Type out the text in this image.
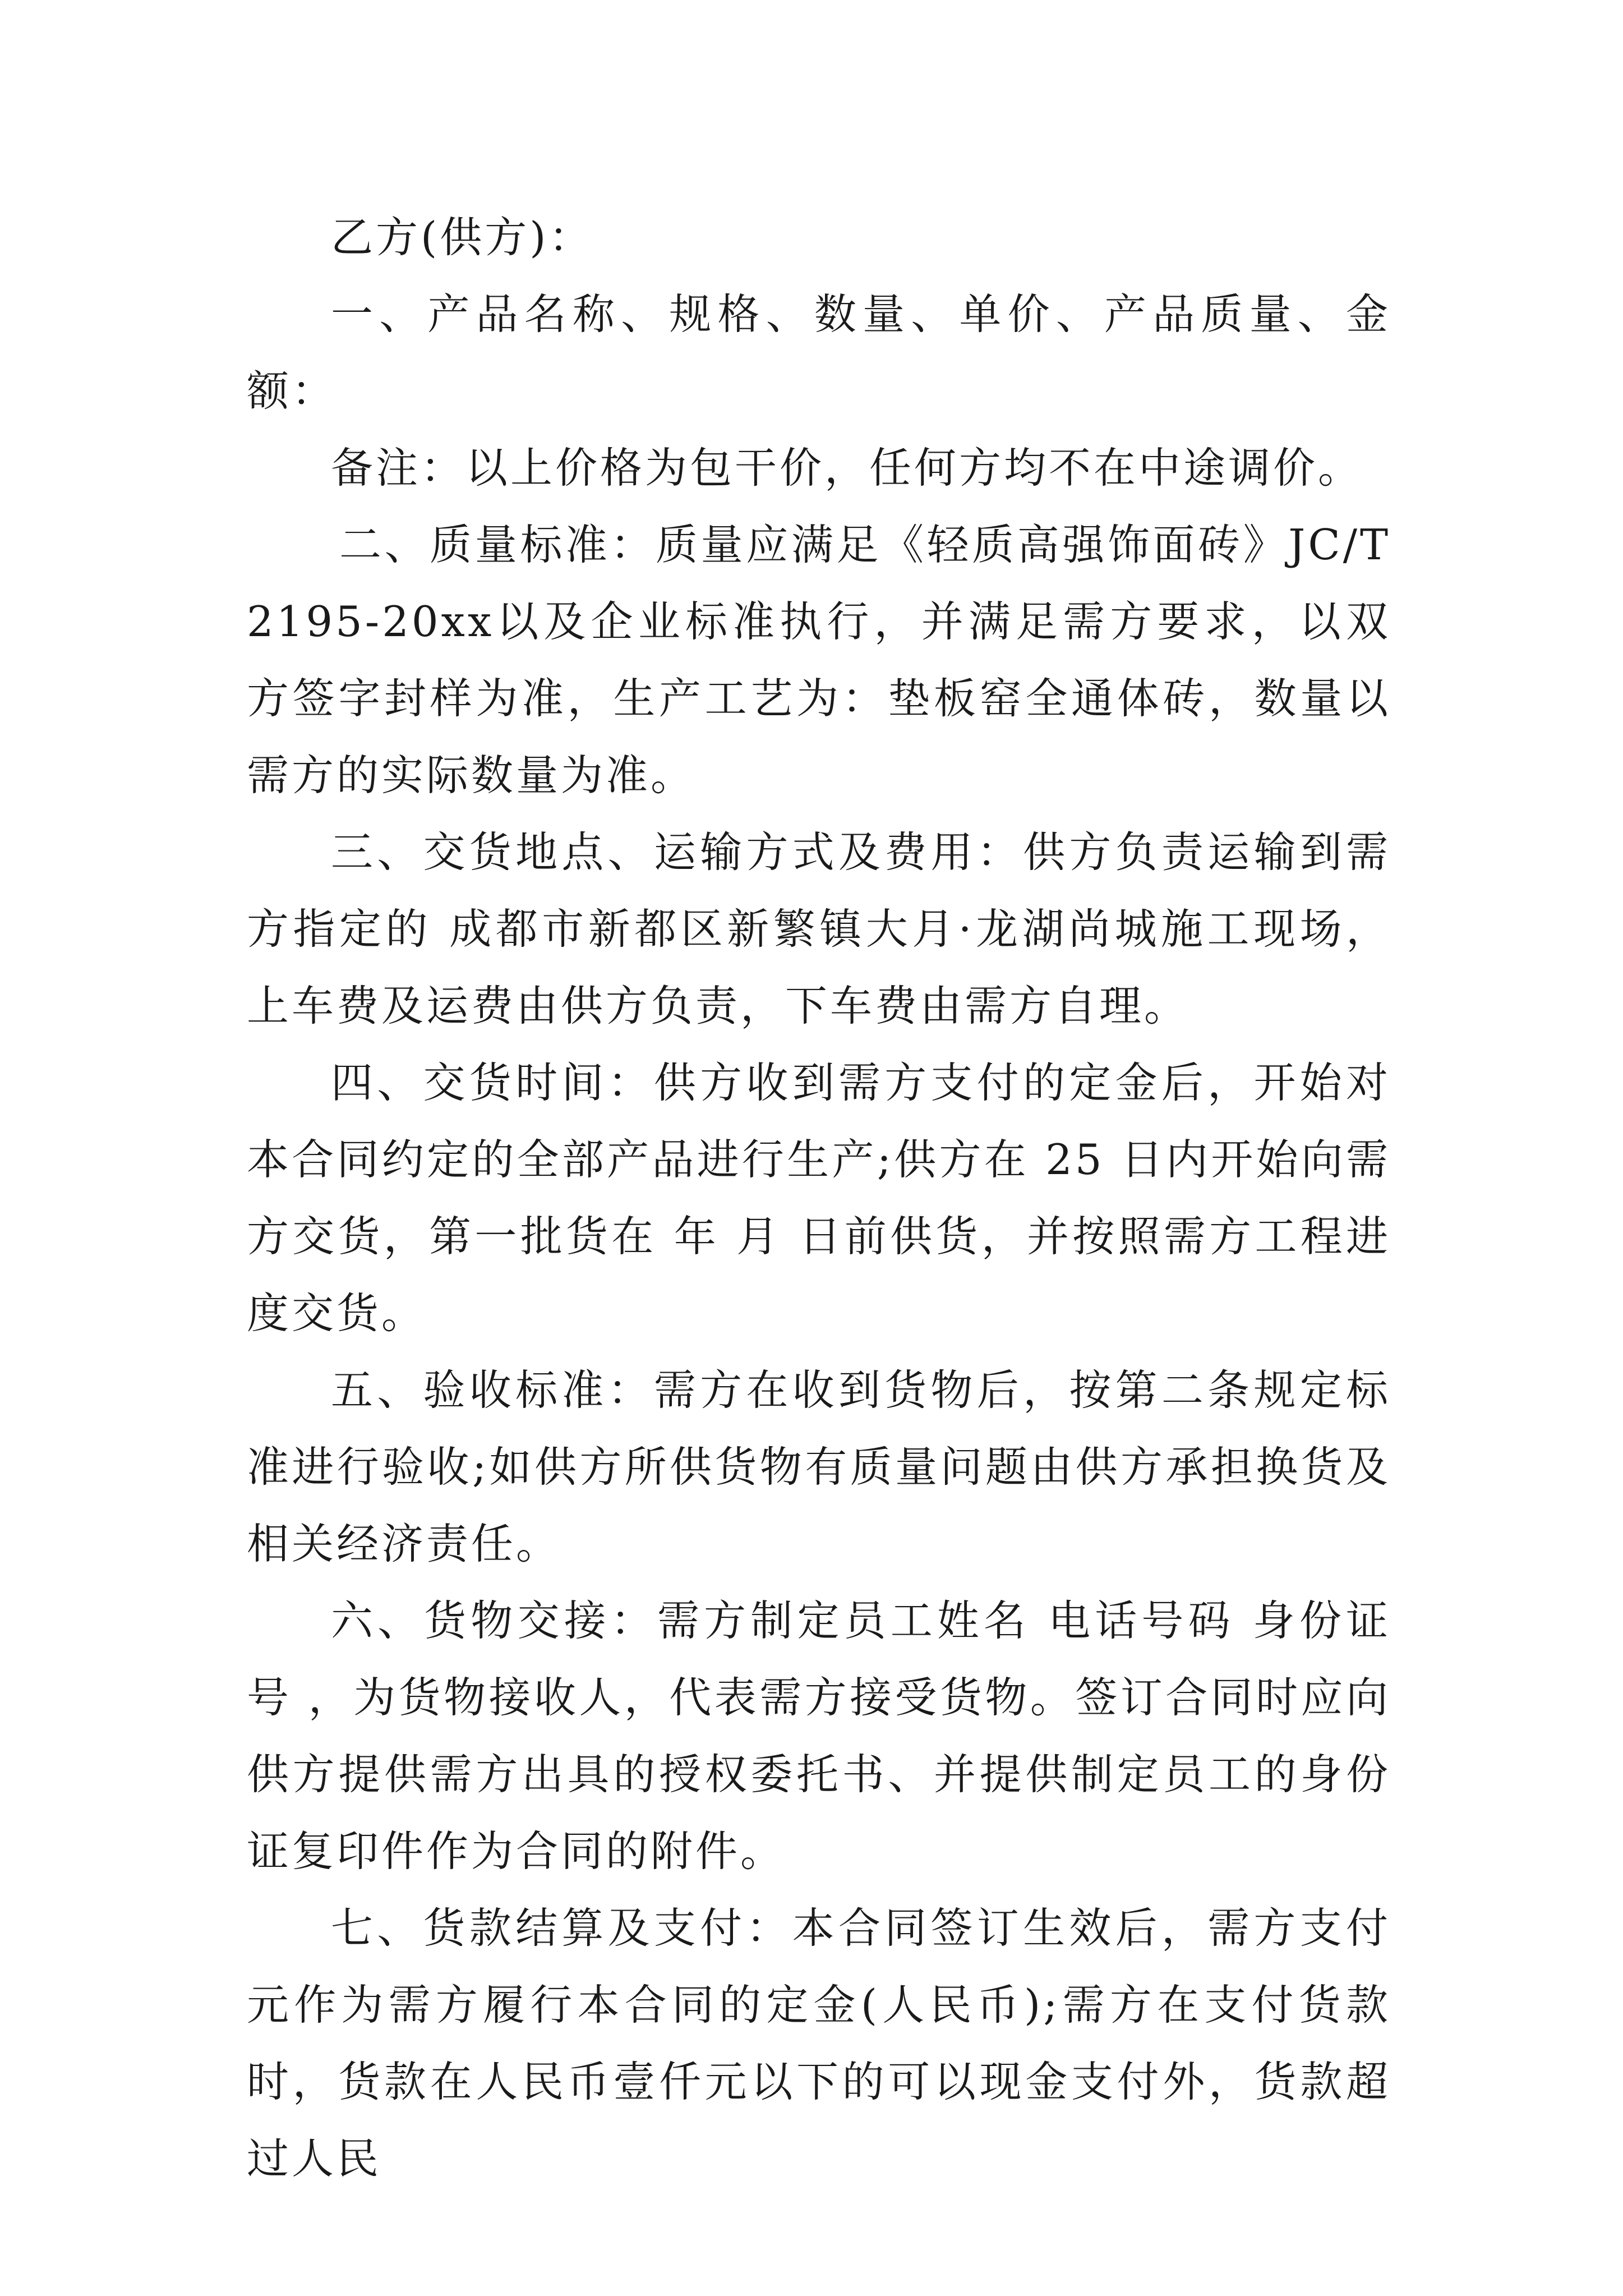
乙方(供方)：

一、产品名称、规格、数量、单价、产品质量、金额：

备注：以上价格为包干价，任何方均不在中途调价。

二、质量标准：质量应满足《轻质高强饰面砖》JC/T2195-20xx以及企业标准执行，并满足需方要求，以双方签字封样为准，生产工艺为：垫板窑全通体砖，数量以需方的实际数量为准。

三、交货地点、运输方式及费用：供方负责运输到需方指定的 成都市新都区新繁镇大月·龙湖尚城施工现场，上车费及运费由供方负责，下车费由需方自理。

四、交货时间：供方收到需方支付的定金后，开始对本合同约定的全部产品进行生产;供方在 25 日内开始向需方交货，第一批货在 年 月 日前供货，并按照需方工程进度交货。

五、验收标准：需方在收到货物后，按第二条规定标准进行验收;如供方所供货物有质量问题由供方承担换货及相关经济责任。

六、货物交接：需方制定员工姓名 电话号码 身份证号 ，为货物接收人，代表需方接受货物。签订合同时应向供方提供需方出具的授权委托书、并提供制定员工的身份证复印件作为合同的附件。

七、货款结算及支付：本合同签订生效后，需方支付元作为需方履行本合同的定金(人民币);需方在支付货款时，货款在人民币壹仟元以下的可以现金支付外，货款超过人民
